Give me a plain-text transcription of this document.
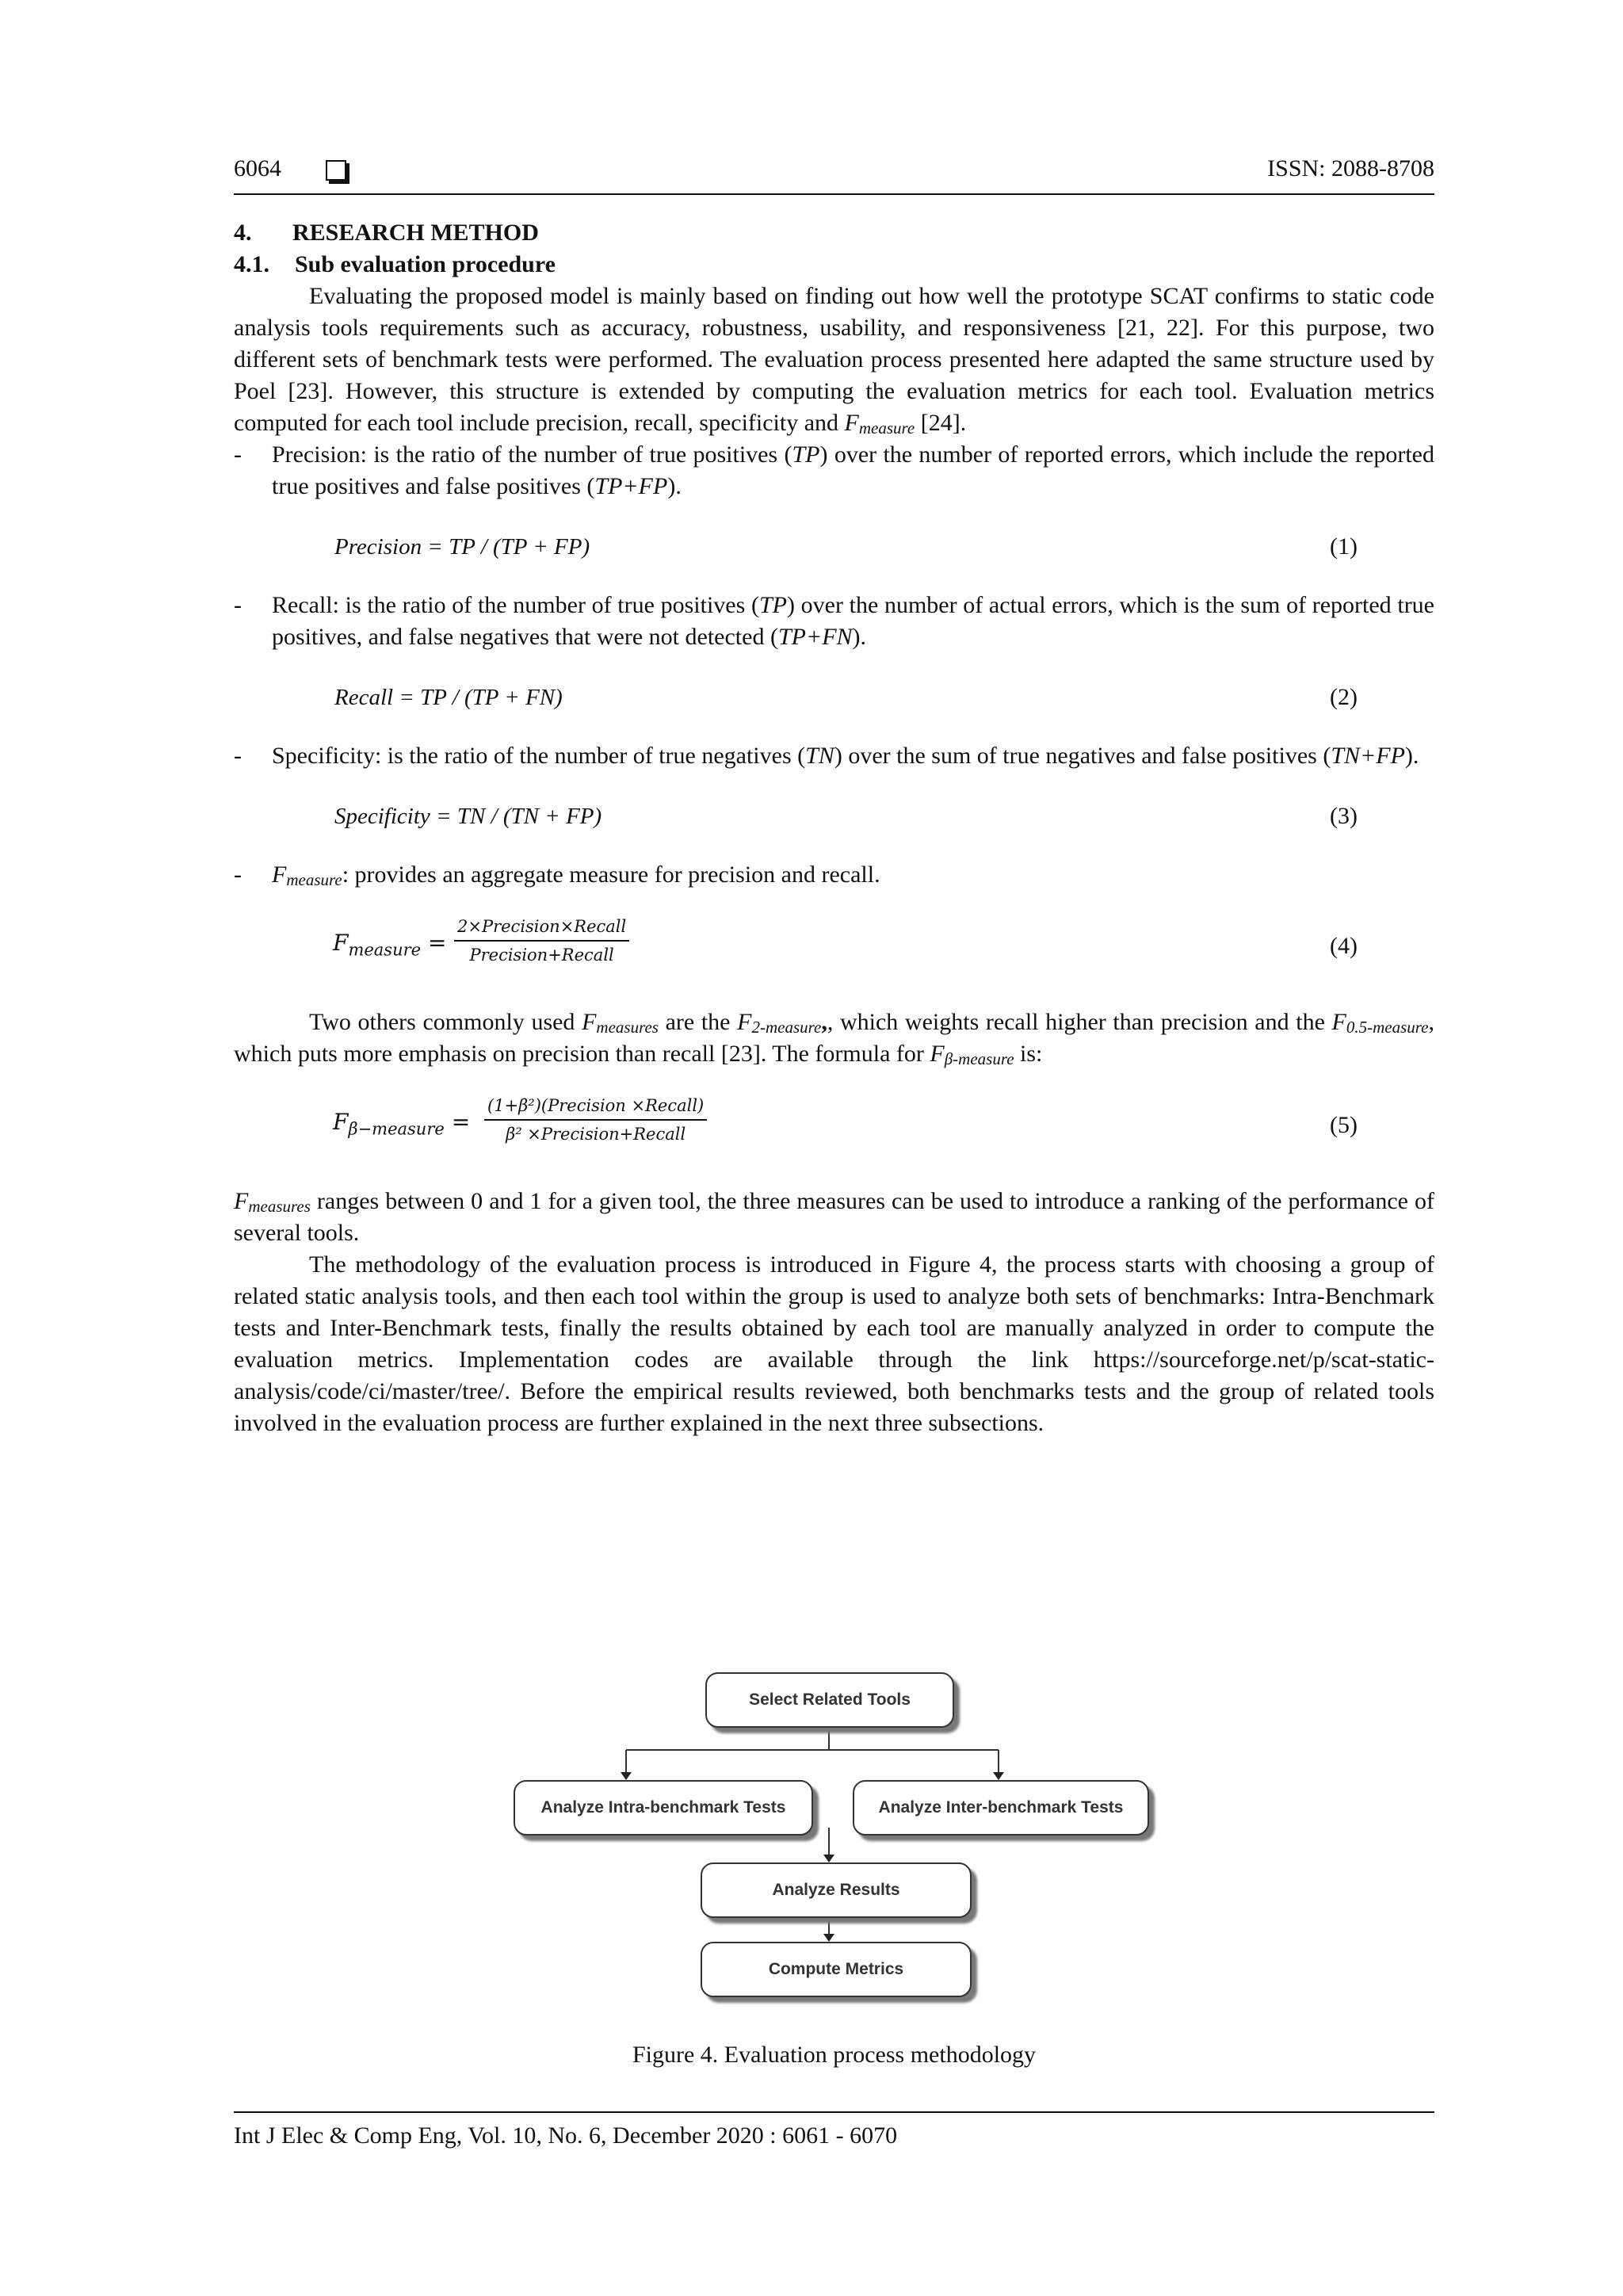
6064	ISSN: 2088-8708
4. RESEARCH METHOD
4.1. Sub evaluation procedure

Evaluating the proposed model is mainly based on finding out how well the prototype SCAT confirms to static code analysis tools requirements such as accuracy, robustness, usability, and responsiveness [21, 22]. For this purpose, two different sets of benchmark tests were performed. The evaluation process presented here adapted the same structure used by Poel [23]. However, this structure is extended by computing the evaluation metrics for each tool. Evaluation metrics computed for each tool include precision, recall, specificity and $F_{measure}$ [24].

- Precision: is the ratio of the number of true positives (TP) over the number of reported errors, which include the reported true positives and false positives (TP+FP).
Precision = TP / (TP + FP)	(1)
- Recall: is the ratio of the number of true positives (TP) over the number of actual errors, which is the sum of reported true positives, and false negatives that were not detected (TP+FN).
Recall = TP / (TP + FN)	(2)
- Specificity: is the ratio of the number of true negatives (TN) over the sum of true negatives and false positives (TN+FP).
Specificity = TN / (TN + FP)	(3)
- $F_{measure}$: provides an aggregate measure for precision and recall.
$F_{measure}$ =
2×Precision×Recall
Precision+Recall	(4)

Two others commonly used $F_{measures}$ are the $F_{2-measure}$,, which weights recall higher than precision and the $F_{0.5-measure}$, which puts more emphasis on precision than recall [23]. The formula for $F_{\beta-measure}$ is:

$F_{\beta-measure}$ =
(1+β²)(Precision ×Recall)
β² ×Precision+Recall	(5)

$F_{measures}$ ranges between 0 and 1 for a given tool, the three measures can be used to introduce a ranking of the performance of several tools.

The methodology of the evaluation process is introduced in Figure 4, the process starts with choosing a group of related static analysis tools, and then each tool within the group is used to analyze both sets of benchmarks: Intra-Benchmark tests and Inter-Benchmark tests, finally the results obtained by each tool are manually analyzed in order to compute the evaluation metrics. Implementation codes are available through the link https://sourceforge.net/p/scat-static-analysis/code/ci/master/tree/. Before the empirical results reviewed, both benchmarks tests and the group of related tools involved in the evaluation process are further explained in the next three subsections.

Select Related Tools
Analyze Intra-benchmark Tests	Analyze Inter-benchmark Tests
Analyze Results
Compute Metrics
Figure 4. Evaluation process methodology
Int J Elec & Comp Eng, Vol. 10, No. 6, December 2020 : 6061 - 6070
